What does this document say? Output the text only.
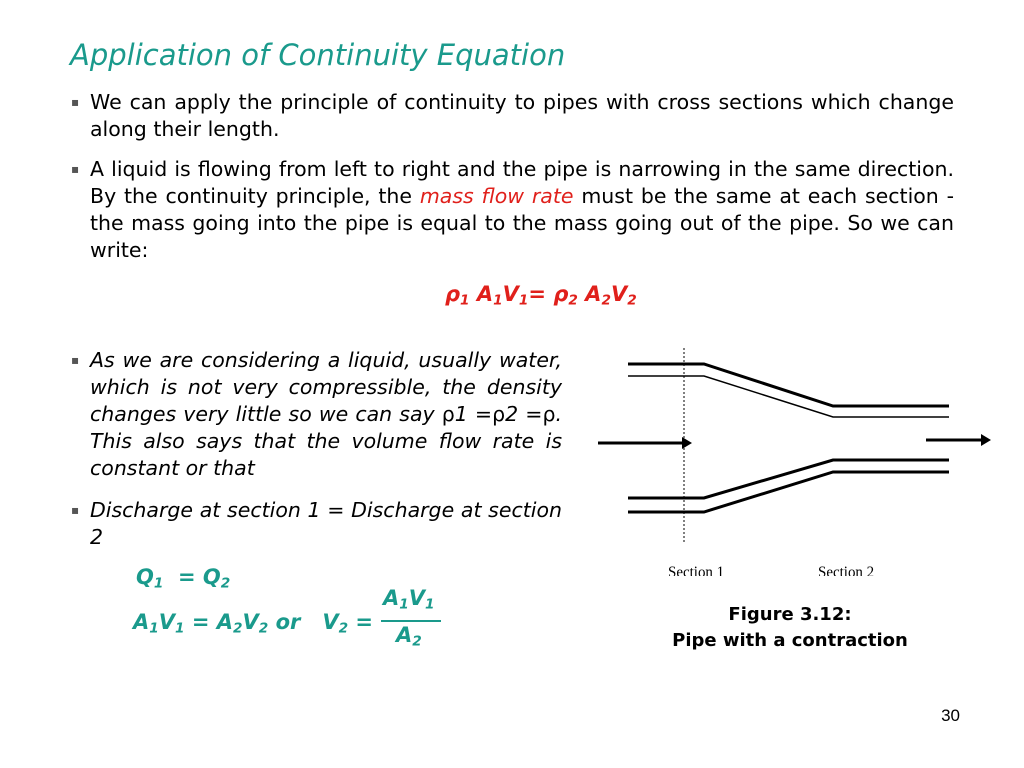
Application of Continuity Equation
▪ We can apply the principle of continuity to pipes with cross sections which change along their length.
▪ A liquid is flowing from left to right and the pipe is narrowing in the same direction. By the continuity principle, the mass flow rate must be the same at each section - the mass going into the pipe is equal to the mass going out of the pipe. So we can write:
$\rho_1$ $A_1V_1= \rho_2$ $A_2V_2$
▪ As we are considering a liquid, usually water, which is not very compressible, the density changes very little so we can say ρ1 =ρ2 =ρ. This also says that the volume flow rate is constant or that
▪ Discharge at section 1 = Discharge at section 2
$Q_1 = Q_2$
$A_1V_1 = A_2V_2$ or $V_2$ =
$A_1V_1$
$A_2$
Section 1	Section 2
Figure 3.12:
Pipe with a contraction
30
